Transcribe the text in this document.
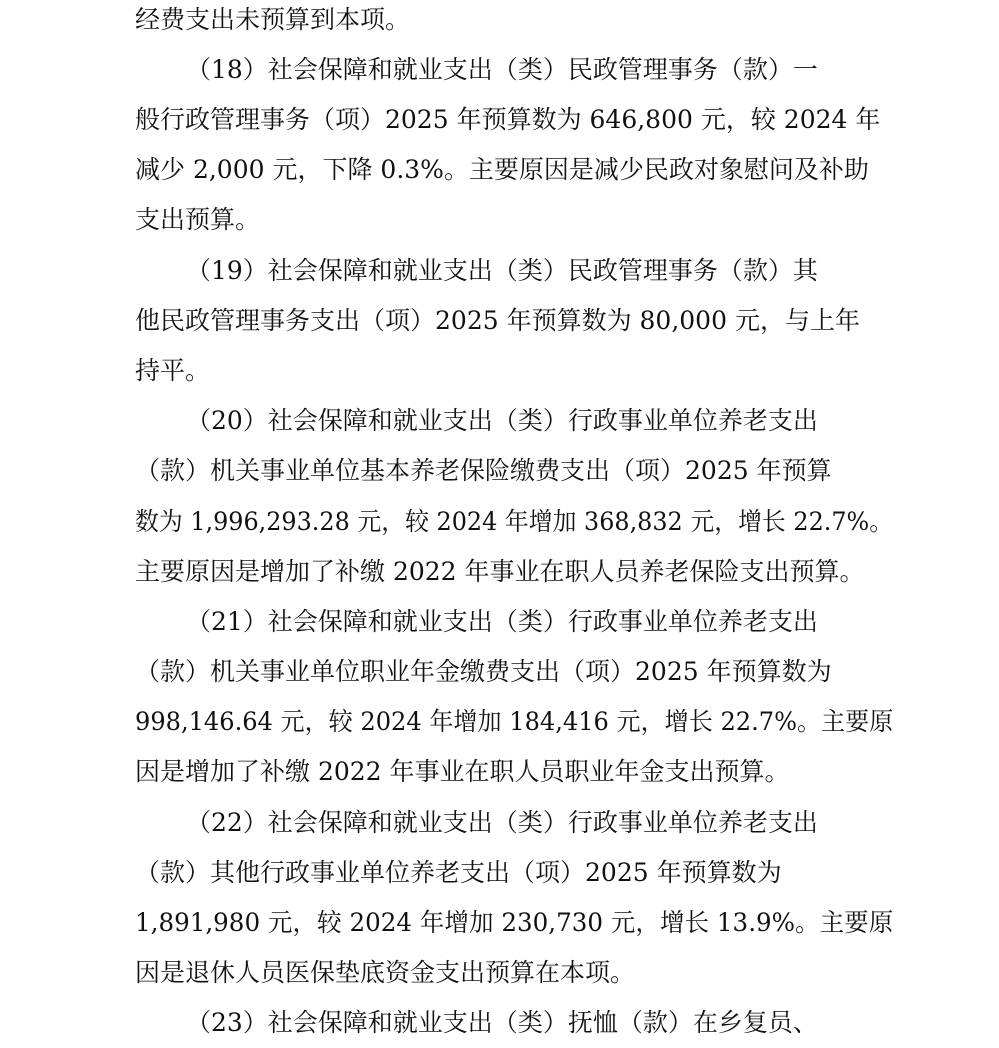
经费支出未预算到本项。
（18）社会保障和就业支出（类）民政管理事务（款）一
般行政管理事务（项）2025 年预算数为 646,800 元，较 2024 年
减少 2,000 元，下降 0.3%。主要原因是减少民政对象慰问及补助
支出预算。
（19）社会保障和就业支出（类）民政管理事务（款）其
他民政管理事务支出（项）2025 年预算数为 80,000 元，与上年
持平。
（20）社会保障和就业支出（类）行政事业单位养老支出
（款）机关事业单位基本养老保险缴费支出（项）2025 年预算
数为 1,996,293.28 元，较 2024 年增加 368,832 元，增长 22.7%。
主要原因是增加了补缴 2022 年事业在职人员养老保险支出预算。
（21）社会保障和就业支出（类）行政事业单位养老支出
（款）机关事业单位职业年金缴费支出（项）2025 年预算数为
998,146.64 元，较 2024 年增加 184,416 元，增长 22.7%。主要原
因是增加了补缴 2022 年事业在职人员职业年金支出预算。
（22）社会保障和就业支出（类）行政事业单位养老支出
（款）其他行政事业单位养老支出（项）2025 年预算数为
1,891,980 元，较 2024 年增加 230,730 元，增长 13.9%。主要原
因是退休人员医保垫底资金支出预算在本项。
（23）社会保障和就业支出（类）抚恤（款）在乡复员、
